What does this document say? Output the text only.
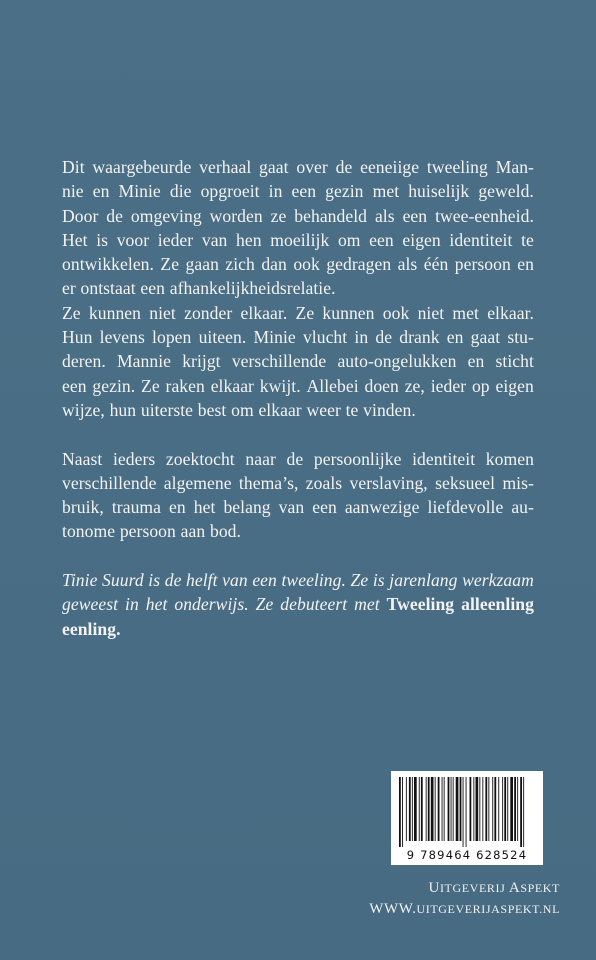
Dit waargebeurde verhaal gaat over de eeneiige tweeling Man-
nie en Minie die opgroeit in een gezin met huiselijk geweld.
Door de omgeving worden ze behandeld als een twee-eenheid.
Het is voor ieder van hen moeilijk om een eigen identiteit te
ontwikkelen. Ze gaan zich dan ook gedragen als één persoon en
er ontstaat een afhankelijkheidsrelatie.
Ze kunnen niet zonder elkaar. Ze kunnen ook niet met elkaar.
Hun levens lopen uiteen. Minie vlucht in de drank en gaat stu-
deren. Mannie krijgt verschillende auto-ongelukken en sticht
een gezin. Ze raken elkaar kwijt. Allebei doen ze, ieder op eigen
wijze, hun uiterste best om elkaar weer te vinden.
Naast ieders zoektocht naar de persoonlijke identiteit komen
verschillende algemene thema’s, zoals verslaving, seksueel mis-
bruik, trauma en het belang van een aanwezige liefdevolle au-
tonome persoon aan bod.
Tinie Suurd is de helft van een tweeling. Ze is jarenlang werkzaam
geweest in het onderwijs. Ze debuteert met Tweeling alleenling
eenling.
9 789464 628524
UITGEVERIJ ASPEKT
WWW.UITGEVERIJASPEKT.NL
